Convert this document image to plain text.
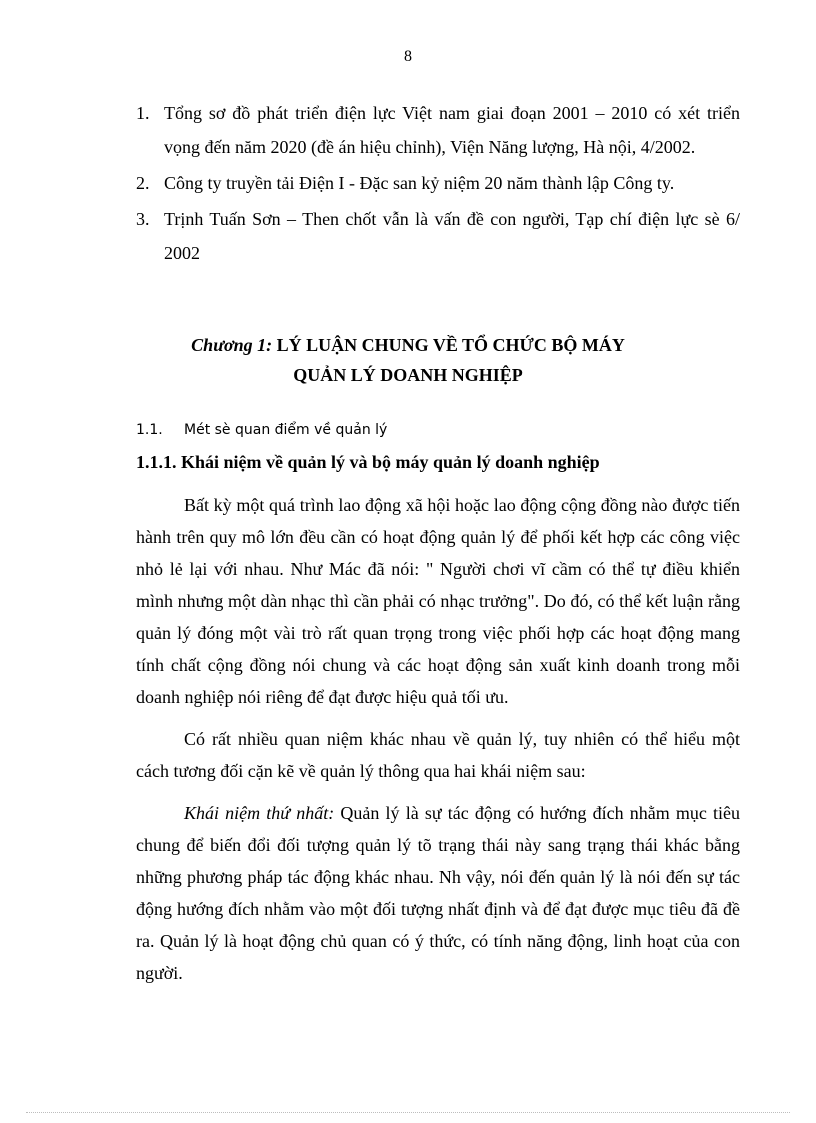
8
1. Tổng sơ đồ phát triển điện lực Việt nam giai đoạn 2001 – 2010 có xét triển vọng đến năm 2020 (đề án hiệu chỉnh), Viện Năng lượng, Hà nội, 4/2002.
2. Công ty truyền tải Điện I - Đặc san kỷ niệm 20 năm thành lập Công ty.
3. Trịnh Tuấn Sơn – Then chốt vẫn là vấn đề con người, Tạp chí điện lực sè 6/ 2002
Chương 1: LÝ LUẬN CHUNG VỀ TỔ CHỨC BỘ MÁY
QUẢN LÝ DOANH NGHIỆP
1.1. Mét sè quan điểm về quản lý
1.1.1. Khái niệm về quản lý và bộ máy quản lý doanh nghiệp

Bất kỳ một quá trình lao động xã hội hoặc lao động cộng đồng nào được tiến hành trên quy mô lớn đều cần có hoạt động quản lý để phối kết hợp các công việc nhỏ lẻ lại với nhau. Như Mác đã nói: " Người chơi vĩ cầm có thể tự điều khiển mình nhưng một dàn nhạc thì cần phải có nhạc trưởng". Do đó, có thể kết luận rằng quản lý đóng một vài trò rất quan trọng trong việc phối hợp các hoạt động mang tính chất cộng đồng nói chung và các hoạt động sản xuất kinh doanh trong mỗi doanh nghiệp nói riêng để đạt được hiệu quả tối ưu.

Có rất nhiều quan niệm khác nhau về quản lý, tuy nhiên có thể hiểu một cách tương đối cặn kẽ về quản lý thông qua hai khái niệm sau:

Khái niệm thứ nhất: Quản lý là sự tác động có hướng đích nhằm mục tiêu chung để biến đổi đối tượng quản lý tõ trạng thái này sang trạng thái khác bằng những phương pháp tác động khác nhau. Nh vậy, nói đến quản lý là nói đến sự tác động hướng đích nhằm vào một đối tượng nhất định và để đạt được mục tiêu đã đề ra. Quản lý là hoạt động chủ quan có ý thức, có tính năng động, linh hoạt của con người.
